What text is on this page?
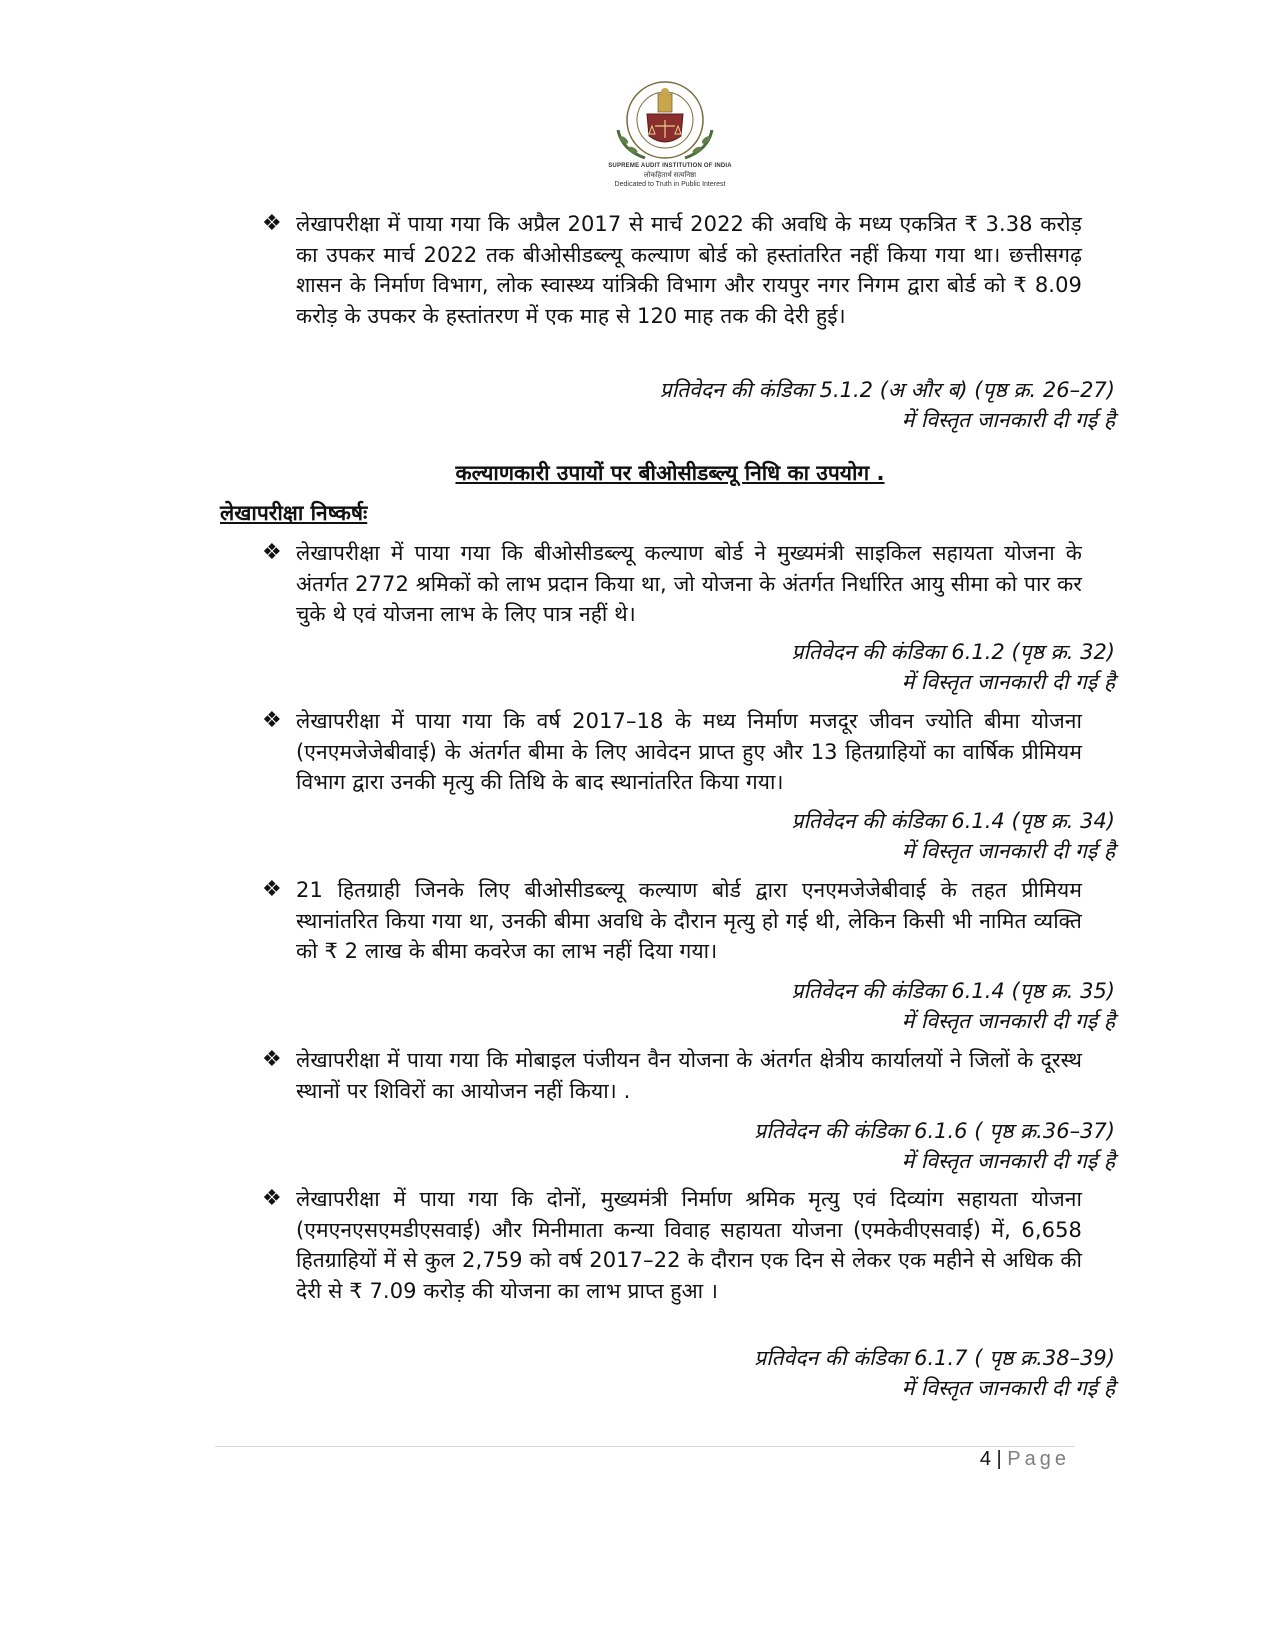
SUPREME AUDIT INSTITUTION OF INDIA
लोकहितार्थ सत्यनिष्ठा
Dedicated to Truth in Public Interest
❖ लेखापरीक्षा में पाया गया कि अप्रैल 2017 से मार्च 2022 की अवधि के मध्य एकत्रित ₹ 3.38 करोड़ का उपकर मार्च 2022 तक बीओसीडब्ल्यू कल्याण बोर्ड को हस्तांतरित नहीं किया गया था। छत्तीसगढ़ शासन के निर्माण विभाग, लोक स्वास्थ्य यांत्रिकी विभाग और रायपुर नगर निगम द्वारा बोर्ड को ₹ 8.09 करोड़ के उपकर के हस्तांतरण में एक माह से 120 माह तक की देरी हुई।
प्रतिवेदन की कंडिका 5.1.2 (अ और ब) (पृष्ठ क्र. 26–27)
में विस्तृत जानकारी दी गई है
कल्याणकारी उपायों पर बीओसीडब्ल्यू निधि का उपयोग .
लेखापरीक्षा निष्कर्षः
❖ लेखापरीक्षा में पाया गया कि बीओसीडब्ल्यू कल्याण बोर्ड ने मुख्यमंत्री साइकिल सहायता योजना के अंतर्गत 2772 श्रमिकों को लाभ प्रदान किया था, जो योजना के अंतर्गत निर्धारित आयु सीमा को पार कर चुके थे एवं योजना लाभ के लिए पात्र नहीं थे।
प्रतिवेदन की कंडिका 6.1.2 (पृष्ठ क्र. 32)
में विस्तृत जानकारी दी गई है
❖ लेखापरीक्षा में पाया गया कि वर्ष 2017–18 के मध्य निर्माण मजदूर जीवन ज्योति बीमा योजना (एनएमजेजेबीवाई) के अंतर्गत बीमा के लिए आवेदन प्राप्त हुए और 13 हितग्राहियों का वार्षिक प्रीमियम विभाग द्वारा उनकी मृत्यु की तिथि के बाद स्थानांतरित किया गया।
प्रतिवेदन की कंडिका 6.1.4 (पृष्ठ क्र. 34)
में विस्तृत जानकारी दी गई है
❖ 21 हितग्राही जिनके लिए बीओसीडब्ल्यू कल्याण बोर्ड द्वारा एनएमजेजेबीवाई के तहत प्रीमियम स्थानांतरित किया गया था, उनकी बीमा अवधि के दौरान मृत्यु हो गई थी, लेकिन किसी भी नामित व्यक्ति को ₹ 2 लाख के बीमा कवरेज का लाभ नहीं दिया गया।
प्रतिवेदन की कंडिका 6.1.4 (पृष्ठ क्र. 35)
में विस्तृत जानकारी दी गई है
❖ लेखापरीक्षा में पाया गया कि मोबाइल पंजीयन वैन योजना के अंतर्गत क्षेत्रीय कार्यालयों ने जिलों के दूरस्थ स्थानों पर शिविरों का आयोजन नहीं किया। .
प्रतिवेदन की कंडिका 6.1.6 ( पृष्ठ क्र.36–37)
में विस्तृत जानकारी दी गई है
❖ लेखापरीक्षा में पाया गया कि दोनों, मुख्यमंत्री निर्माण श्रमिक मृत्यु एवं दिव्यांग सहायता योजना (एमएनएसएमडीएसवाई) और मिनीमाता कन्या विवाह सहायता योजना (एमकेवीएसवाई) में, 6,658 हितग्राहियों में से कुल 2,759 को वर्ष 2017–22 के दौरान एक दिन से लेकर एक महीने से अधिक की देरी से ₹ 7.09 करोड़ की योजना का लाभ प्राप्त हुआ ।
प्रतिवेदन की कंडिका 6.1.7 ( पृष्ठ क्र.38–39)
में विस्तृत जानकारी दी गई है
4 | Page
